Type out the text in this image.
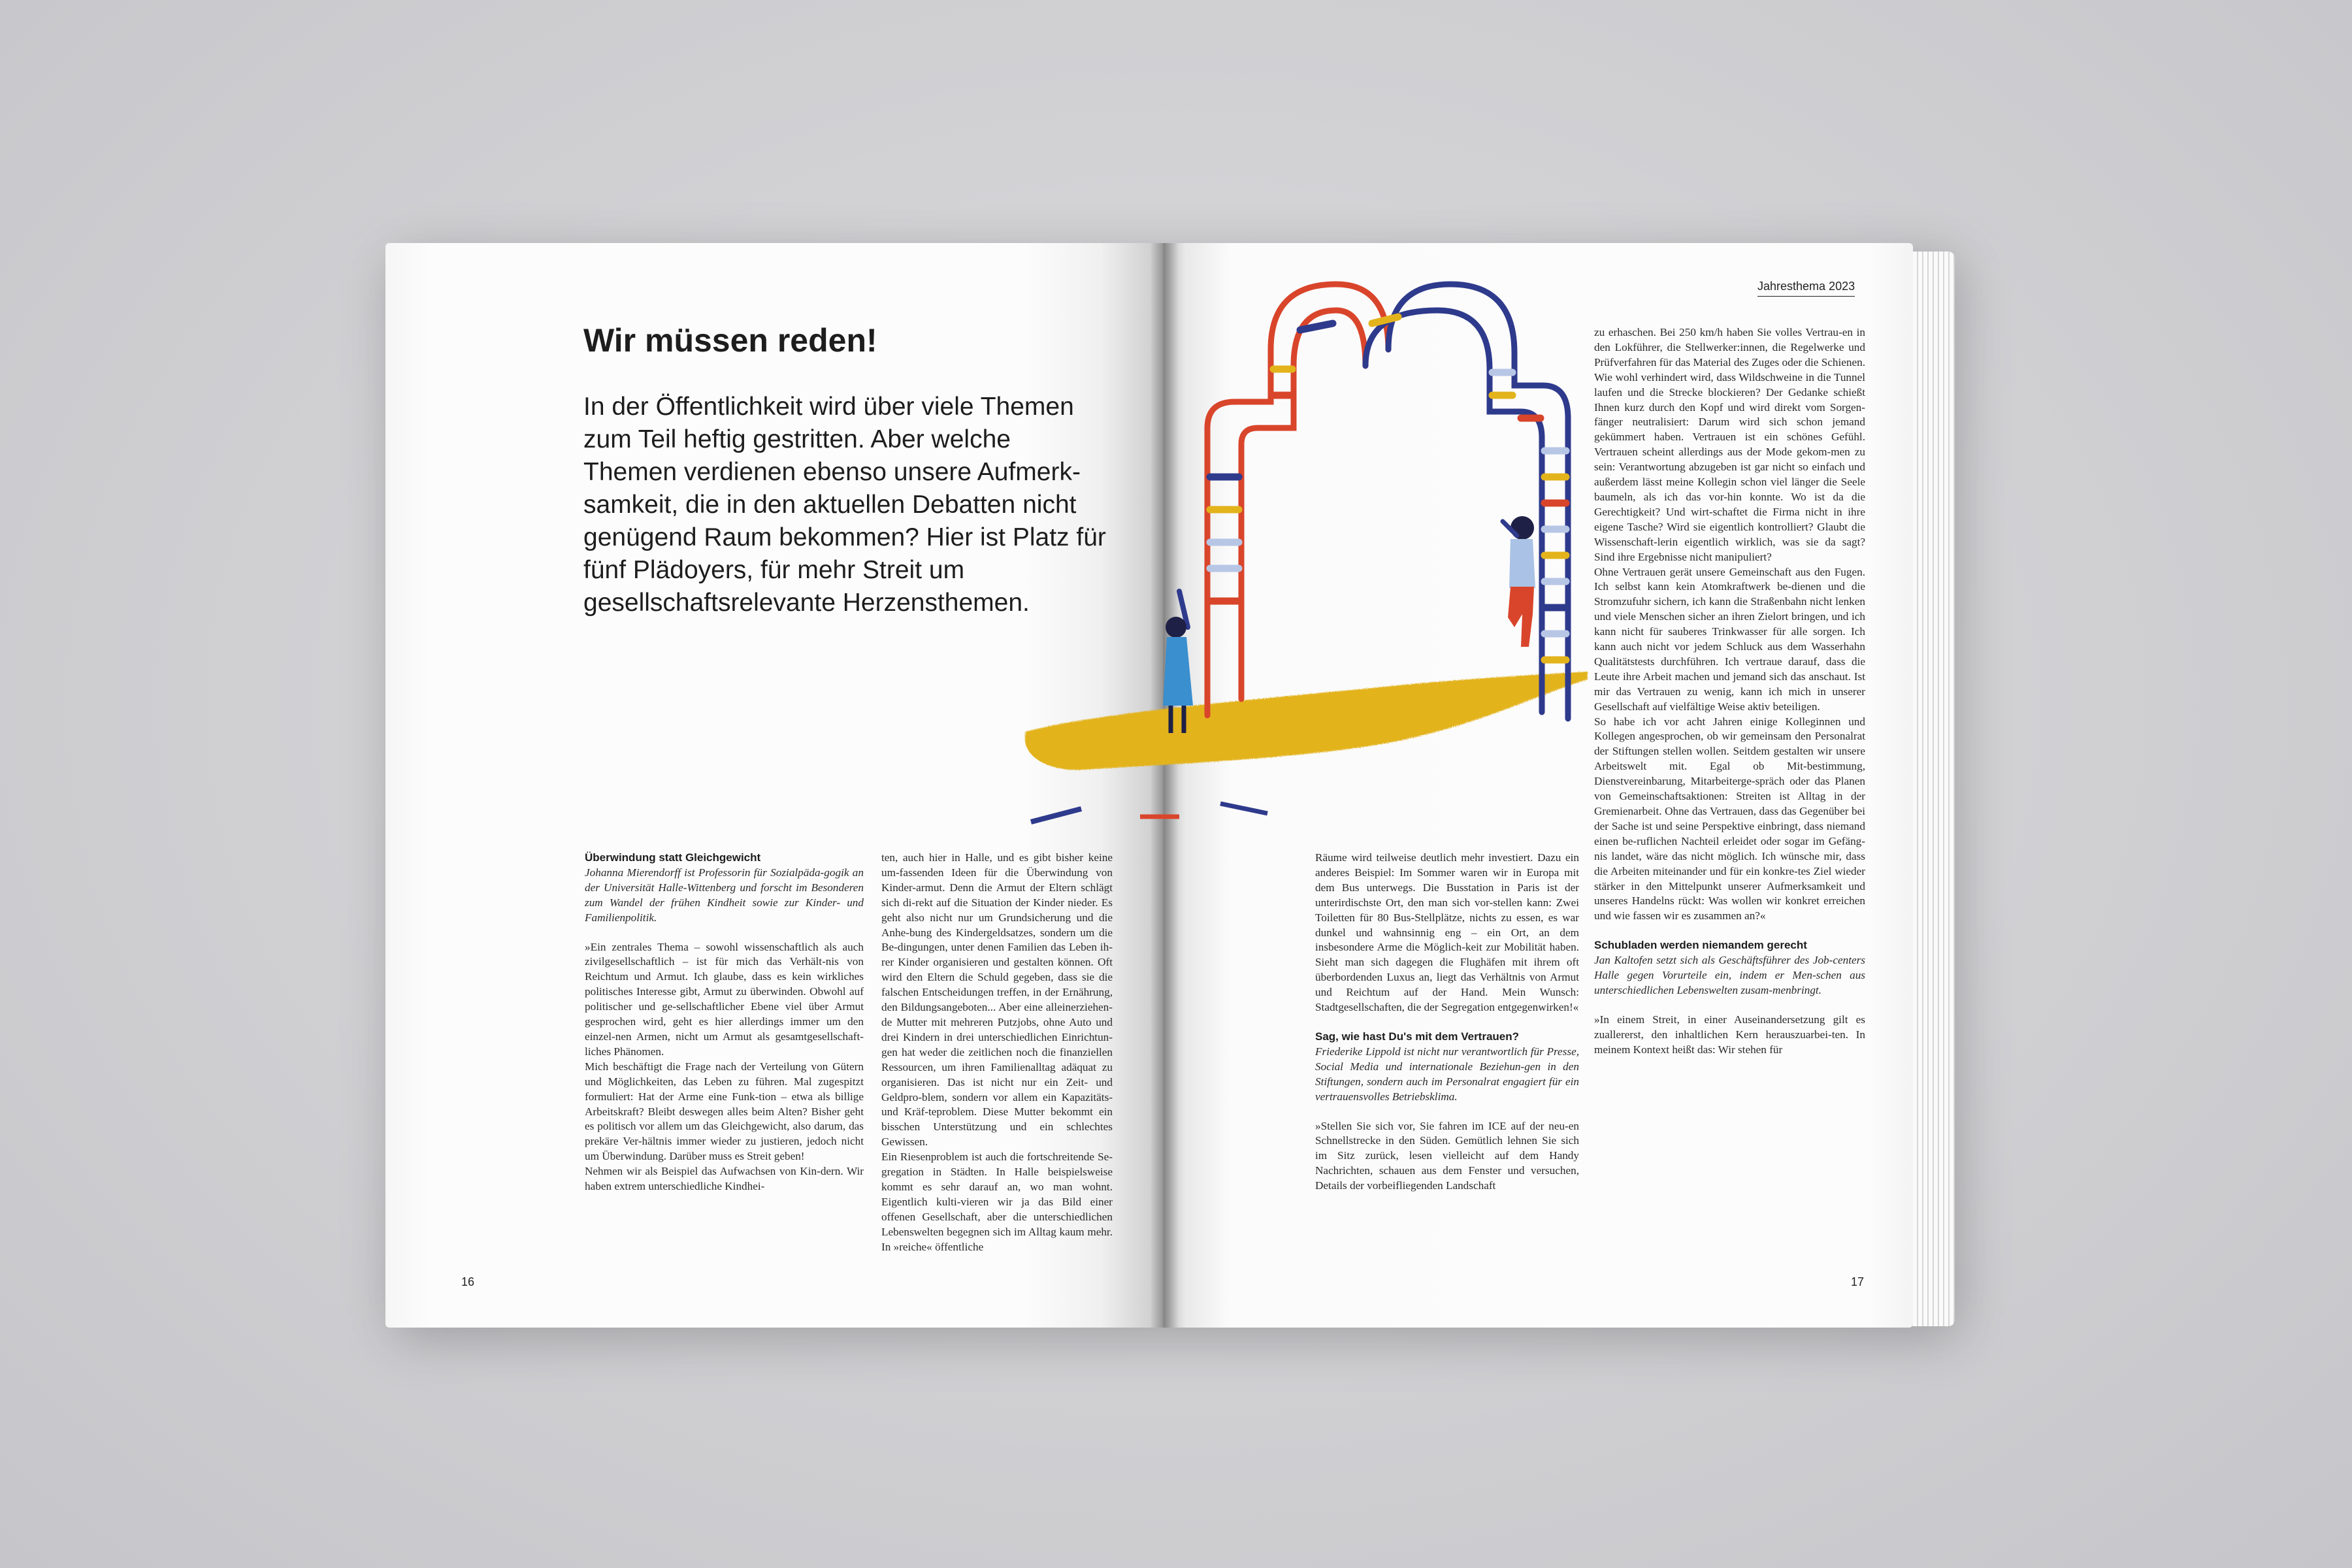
Wir müssen reden!

In der Öffentlichkeit wird über viele Themen zum Teil heftig gestritten. Aber welche Themen verdienen ebenso unsere Aufmerk-samkeit, die in den aktuellen Debatten nicht genügend Raum bekommen? Hier ist Platz für fünf Plädoyers, für mehr Streit um gesellschaftsrelevante Herzensthemen.

Überwindung statt Gleichgewicht

Johanna Mierendorff ist Professorin für Sozialpäda-gogik an der Universität Halle-Wittenberg und forscht im Besonderen zum Wandel der frühen Kindheit sowie zur Kinder- und Familienpolitik.

»Ein zentrales Thema – sowohl wissenschaftlich als auch zivilgesellschaftlich – ist für mich das Verhält-nis von Reichtum und Armut. Ich glaube, dass es kein wirkliches politisches Interesse gibt, Armut zu überwinden. Obwohl auf politischer und ge-sellschaftlicher Ebene viel über Armut gesprochen wird, geht es hier allerdings immer um den einzel-nen Armen, nicht um Armut als gesamtgesellschaft-liches Phänomen.

Mich beschäftigt die Frage nach der Verteilung von Gütern und Möglichkeiten, das Leben zu führen. Mal zugespitzt formuliert: Hat der Arme eine Funk-tion – etwa als billige Arbeitskraft? Bleibt deswegen alles beim Alten? Bisher geht es politisch vor allem um das Gleichgewicht, also darum, das prekäre Ver-hältnis immer wieder zu justieren, jedoch nicht um Überwindung. Darüber muss es Streit geben!

Nehmen wir als Beispiel das Aufwachsen von Kin-dern. Wir haben extrem unterschiedliche Kindhei-

ten, auch hier in Halle, und es gibt bisher keine um-fassenden Ideen für die Überwindung von Kinder-armut. Denn die Armut der Eltern schlägt sich di-rekt auf die Situation der Kinder nieder. Es geht also nicht nur um Grundsicherung und die Anhe-bung des Kindergeldsatzes, sondern um die Be-dingungen, unter denen Familien das Leben ih-rer Kinder organisieren und gestalten können. Oft wird den Eltern die Schuld gegeben, dass sie die falschen Entscheidungen treffen, in der Ernährung, den Bildungsangeboten... Aber eine alleinerziehen-de Mutter mit mehreren Putzjobs, ohne Auto und drei Kindern in drei unterschiedlichen Einrichtun-gen hat weder die zeitlichen noch die finanziellen Ressourcen, um ihren Familienalltag adäquat zu organisieren. Das ist nicht nur ein Zeit- und Geldpro-blem, sondern vor allem ein Kapazitäts- und Kräf-teproblem. Diese Mutter bekommt ein bisschen Unterstützung und ein schlechtes Gewissen.

Ein Riesenproblem ist auch die fortschreitende Se-gregation in Städten. In Halle beispielsweise kommt es sehr darauf an, wo man wohnt. Eigentlich kulti-vieren wir ja das Bild einer offenen Gesellschaft, aber die unterschiedlichen Lebenswelten begegnen sich im Alltag kaum mehr. In »reiche« öffentliche

16
Jahresthema 2023

Räume wird teilweise deutlich mehr investiert. Dazu ein anderes Beispiel: Im Sommer waren wir in Europa mit dem Bus unterwegs. Die Busstation in Paris ist der unterirdischste Ort, den man sich vor-stellen kann: Zwei Toiletten für 80 Bus-Stellplätze, nichts zu essen, es war dunkel und wahnsinnig eng – ein Ort, an dem insbesondere Arme die Möglich-keit zur Mobilität haben. Sieht man sich dagegen die Flughäfen mit ihrem oft überbordenden Luxus an, liegt das Verhältnis von Armut und Reichtum auf der Hand. Mein Wunsch: Stadtgesellschaften, die der Segregation entgegenwirken!«

Sag, wie hast Du's mit dem Vertrauen?

Friederike Lippold ist nicht nur verantwortlich für Presse, Social Media und internationale Beziehun-gen in den Stiftungen, sondern auch im Personalrat engagiert für ein vertrauensvolles Betriebsklima.

»Stellen Sie sich vor, Sie fahren im ICE auf der neu-en Schnellstrecke in den Süden. Gemütlich lehnen Sie sich im Sitz zurück, lesen vielleicht auf dem Handy Nachrichten, schauen aus dem Fenster und versuchen, Details der vorbeifliegenden Landschaft

zu erhaschen. Bei 250 km/h haben Sie volles Vertrau-en in den Lokführer, die Stellwerker:innen, die Regelwerke und Prüfverfahren für das Material des Zuges oder die Schienen. Wie wohl verhindert wird, dass Wildschweine in die Tunnel laufen und die Strecke blockieren? Der Gedanke schießt Ihnen kurz durch den Kopf und wird direkt vom Sorgen-fänger neutralisiert: Darum wird sich schon jemand gekümmert haben. Vertrauen ist ein schönes Gefühl. Vertrauen scheint allerdings aus der Mode gekom-men zu sein: Verantwortung abzugeben ist gar nicht so einfach und außerdem lässt meine Kollegin schon viel länger die Seele baumeln, als ich das vor-hin konnte. Wo ist da die Gerechtigkeit? Und wirt-schaftet die Firma nicht in ihre eigene Tasche? Wird sie eigentlich kontrolliert? Glaubt die Wissenschaft-lerin eigentlich wirklich, was sie da sagt? Sind ihre Ergebnisse nicht manipuliert?

Ohne Vertrauen gerät unsere Gemeinschaft aus den Fugen. Ich selbst kann kein Atomkraftwerk be-dienen und die Stromzufuhr sichern, ich kann die Straßenbahn nicht lenken und viele Menschen sicher an ihren Zielort bringen, und ich kann nicht für sauberes Trinkwasser für alle sorgen. Ich kann auch nicht vor jedem Schluck aus dem Wasserhahn Qualitätstests durchführen. Ich vertraue darauf, dass die Leute ihre Arbeit machen und jemand sich das anschaut. Ist mir das Vertrauen zu wenig, kann ich mich in unserer Gesellschaft auf vielfältige Weise aktiv beteiligen.

So habe ich vor acht Jahren einige Kolleginnen und Kollegen angesprochen, ob wir gemeinsam den Personalrat der Stiftungen stellen wollen. Seitdem gestalten wir unsere Arbeitswelt mit. Egal ob Mit-bestimmung, Dienstvereinbarung, Mitarbeiterge-spräch oder das Planen von Gemeinschaftsaktionen: Streiten ist Alltag in der Gremienarbeit. Ohne das Vertrauen, dass das Gegenüber bei der Sache ist und seine Perspektive einbringt, dass niemand einen be-ruflichen Nachteil erleidet oder sogar im Gefäng-nis landet, wäre das nicht möglich. Ich wünsche mir, dass die Arbeiten miteinander und für ein konkre-tes Ziel wieder stärker in den Mittelpunkt unserer Aufmerksamkeit und unseres Handelns rückt: Was wollen wir konkret erreichen und wie fassen wir es zusammen an?«

Schubladen werden niemandem gerecht

Jan Kaltofen setzt sich als Geschäftsführer des Job-centers Halle gegen Vorurteile ein, indem er Men-schen aus unterschiedlichen Lebenswelten zusam-menbringt.

»In einem Streit, in einer Auseinandersetzung gilt es zuallererst, den inhaltlichen Kern herauszuarbei-ten. In meinem Kontext heißt das: Wir stehen für

17
